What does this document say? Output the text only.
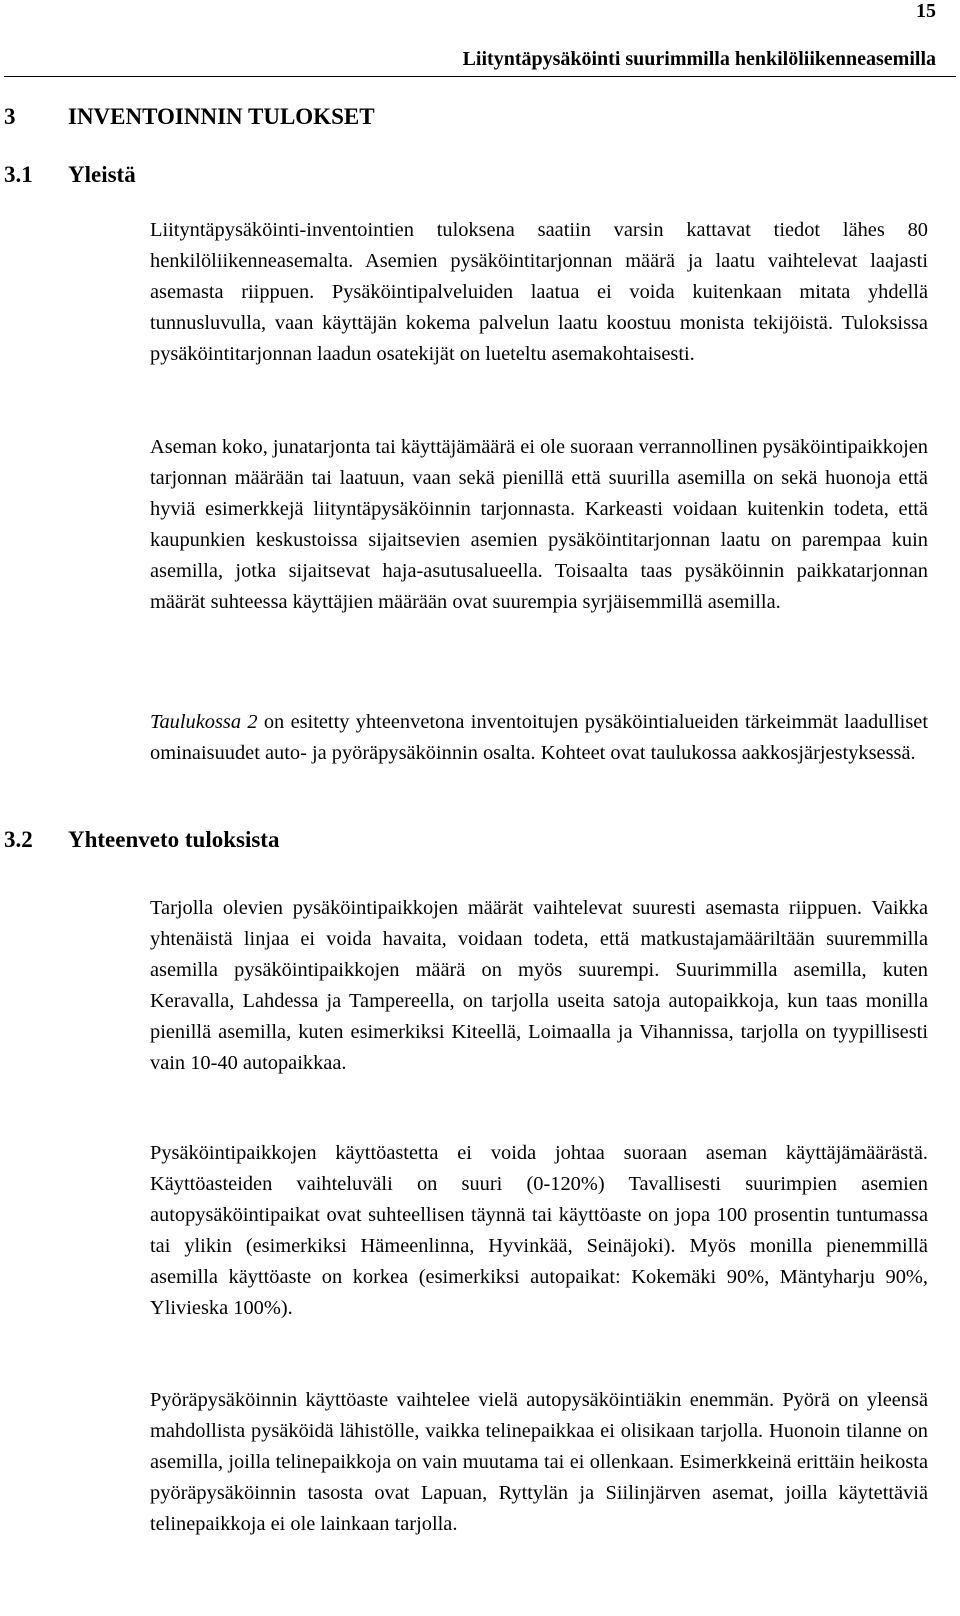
15
Liityntäpysäköinti suurimmilla henkilöliikenneasemilla
3 INVENTOINNIN TULOKSET
3.1 Yleistä

Liityntäpysäköinti-inventointien tuloksena saatiin varsin kattavat tiedot lähes 80 henkilöliikenneasemalta. Asemien pysäköintitarjonnan määrä ja laatu vaihtelevat laajasti asemasta riippuen. Pysäköintipalveluiden laatua ei voida kuitenkaan mitata yhdellä tunnusluvulla, vaan käyttäjän kokema palvelun laatu koostuu monista tekijöistä. Tuloksissa pysäköintitarjonnan laadun osatekijät on lueteltu asemakohtaisesti.

Aseman koko, junatarjonta tai käyttäjämäärä ei ole suoraan verrannollinen pysäköintipaikkojen tarjonnan määrään tai laatuun, vaan sekä pienillä että suurilla asemilla on sekä huonoja että hyviä esimerkkejä liityntäpysäköinnin tarjonnasta. Karkeasti voidaan kuitenkin todeta, että kaupunkien keskustoissa sijaitsevien asemien pysäköintitarjonnan laatu on parempaa kuin asemilla, jotka sijaitsevat haja-asutusalueella. Toisaalta taas pysäköinnin paikkatarjonnan määrät suhteessa käyttäjien määrään ovat suurempia syrjäisemmillä asemilla.

Taulukossa 2 on esitetty yhteenvetona inventoitujen pysäköintialueiden tärkeimmät laadulliset ominaisuudet auto- ja pyöräpysäköinnin osalta. Kohteet ovat taulukossa aakkosjärjestyksessä.

3.2 Yhteenveto tuloksista

Tarjolla olevien pysäköintipaikkojen määrät vaihtelevat suuresti asemasta riippuen. Vaikka yhtenäistä linjaa ei voida havaita, voidaan todeta, että matkustajamääriltään suuremmilla asemilla pysäköintipaikkojen määrä on myös suurempi. Suurimmilla asemilla, kuten Keravalla, Lahdessa ja Tampereella, on tarjolla useita satoja autopaikkoja, kun taas monilla pienillä asemilla, kuten esimerkiksi Kiteellä, Loimaalla ja Vihannissa, tarjolla on tyypillisesti vain 10-40 autopaikkaa.

Pysäköintipaikkojen käyttöastetta ei voida johtaa suoraan aseman käyttäjämäärästä. Käyttöasteiden vaihteluväli on suuri (0-120%) Tavallisesti suurimpien asemien autopysäköintipaikat ovat suhteellisen täynnä tai käyttöaste on jopa 100 prosentin tuntumassa tai ylikin (esimerkiksi Hämeenlinna, Hyvinkää, Seinäjoki). Myös monilla pienemmillä asemilla käyttöaste on korkea (esimerkiksi autopaikat: Kokemäki 90%, Mäntyharju 90%, Ylivieska 100%).

Pyöräpysäköinnin käyttöaste vaihtelee vielä autopysäköintiäkin enemmän. Pyörä on yleensä mahdollista pysäköidä lähistölle, vaikka telinepaikkaa ei olisikaan tarjolla. Huonoin tilanne on asemilla, joilla telinepaikkoja on vain muutama tai ei ollenkaan. Esimerkkeinä erittäin heikosta pyöräpysäköinnin tasosta ovat Lapuan, Ryttylän ja Siilinjärven asemat, joilla käytettäviä telinepaikkoja ei ole lainkaan tarjolla.
